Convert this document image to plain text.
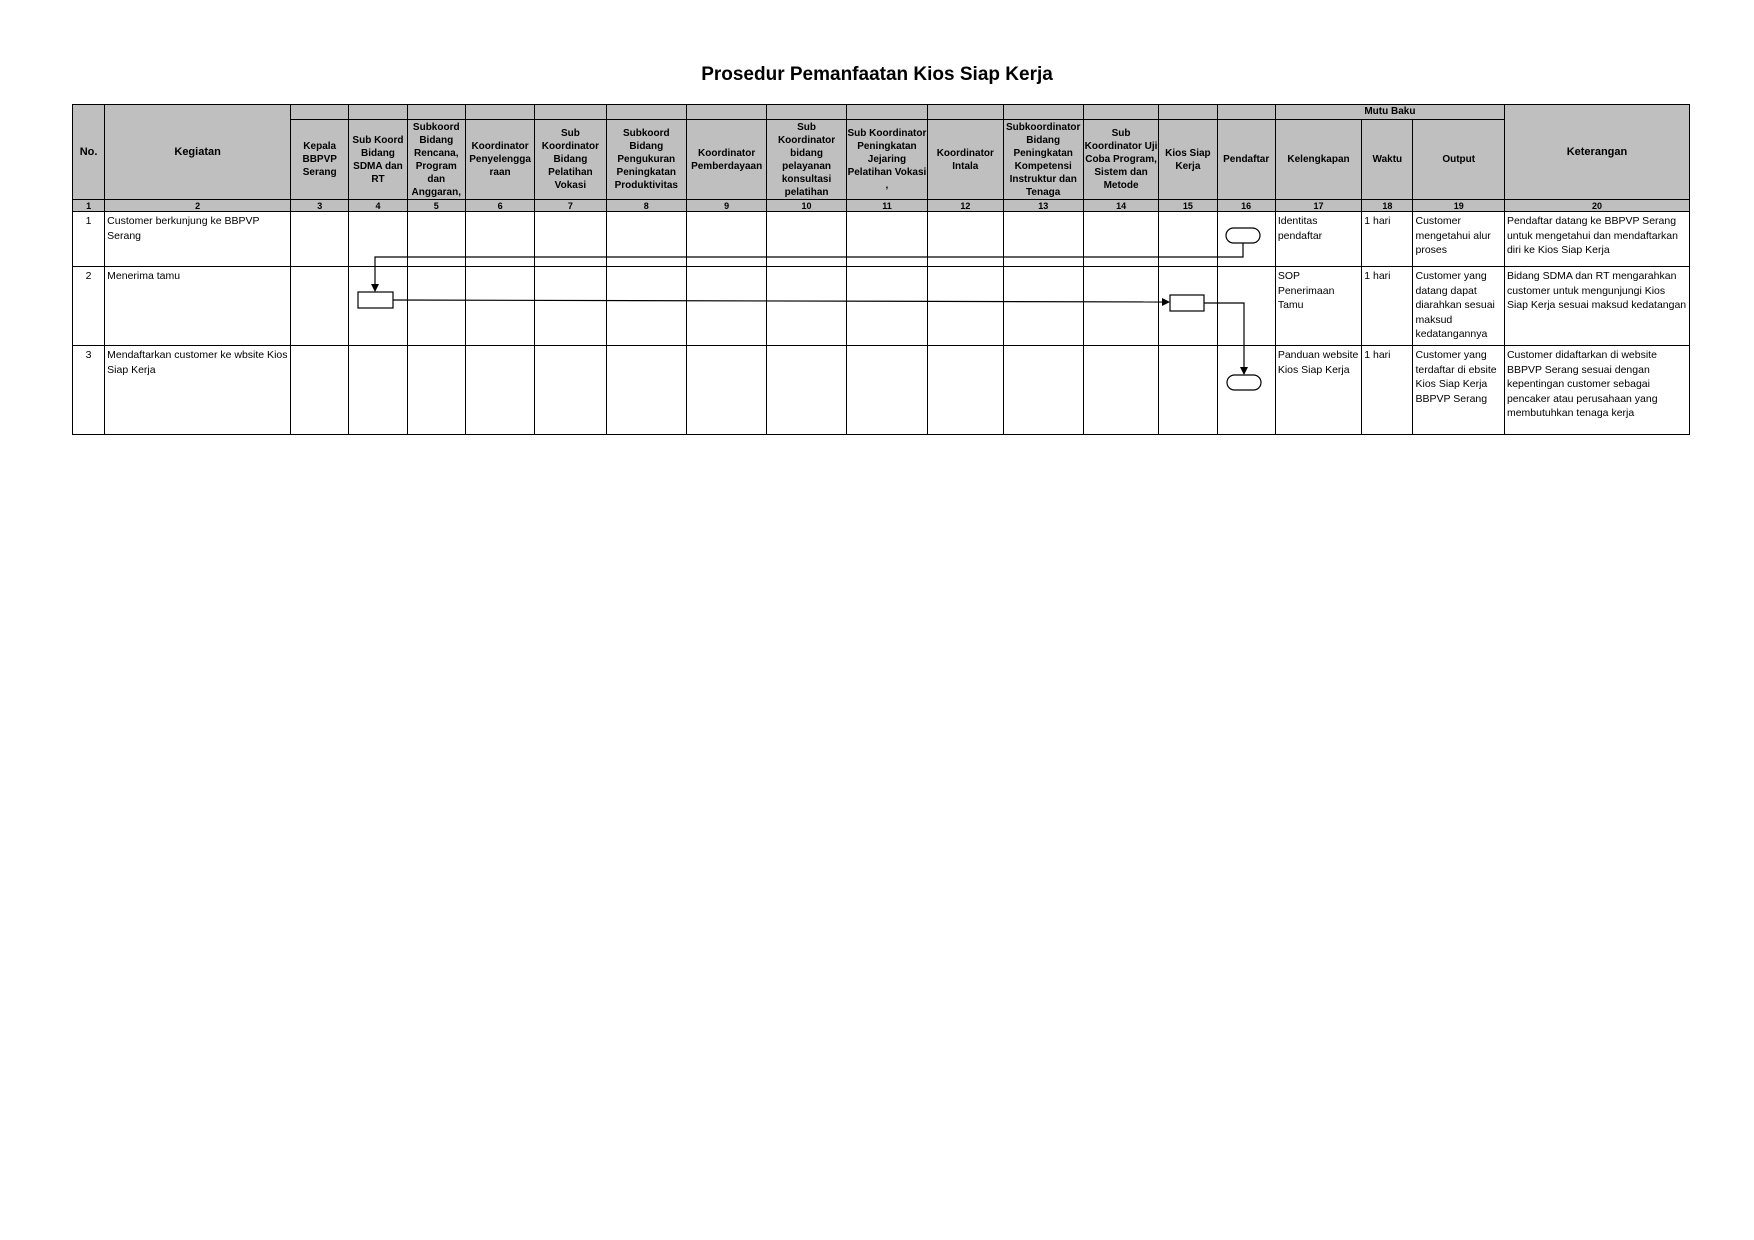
Prosedur Pemanfaatan Kios Siap Kerja
No.	Kegiatan															Mutu Baku			Keterangan
		Kepala BBPVP Serang	Sub Koord Bidang SDMA dan RT	Subkoord Bidang Rencana, Program dan Anggaran,	Koordinator Penyelengga raan	Sub Koordinator Bidang Pelatihan Vokasi	Subkoord Bidang Pengukuran Peningkatan Produktivitas	Koordinator Pemberdayaan	Sub Koordinator bidang pelayanan konsultasi pelatihan	Sub Koordinator Peningkatan Jejaring Pelatihan Vokasi ,	Koordinator Intala	Subkoordinator Bidang Peningkatan Kompetensi Instruktur dan Tenaga	Sub Koordinator Uji Coba Program, Sistem dan Metode	Kios Siap Kerja	Pendaftar	Kelengkapan	Waktu	Output	
1	2	3	4	5	6	7	8	9	10	11	12	13	14	15	16	17	18	19	20
1	Customer berkunjung ke BBPVP Serang															Identitas pendaftar	1 hari	Customer mengetahui alur proses	Pendaftar datang ke BBPVP Serang untuk mengetahui dan mendaftarkan diri ke Kios Siap Kerja
2	Menerima tamu															SOP Penerimaan Tamu	1 hari	Customer yang datang dapat diarahkan sesuai maksud kedatangannya	Bidang SDMA dan RT mengarahkan customer untuk mengunjungi Kios Siap Kerja sesuai maksud kedatangan
3	Mendaftarkan customer ke wbsite Kios Siap Kerja															Panduan website Kios Siap Kerja	1 hari	Customer yang terdaftar di ebsite Kios Siap Kerja BBPVP Serang	Customer didaftarkan di website BBPVP Serang sesuai dengan kepentingan customer sebagai pencaker atau perusahaan yang membutuhkan tenaga kerja
